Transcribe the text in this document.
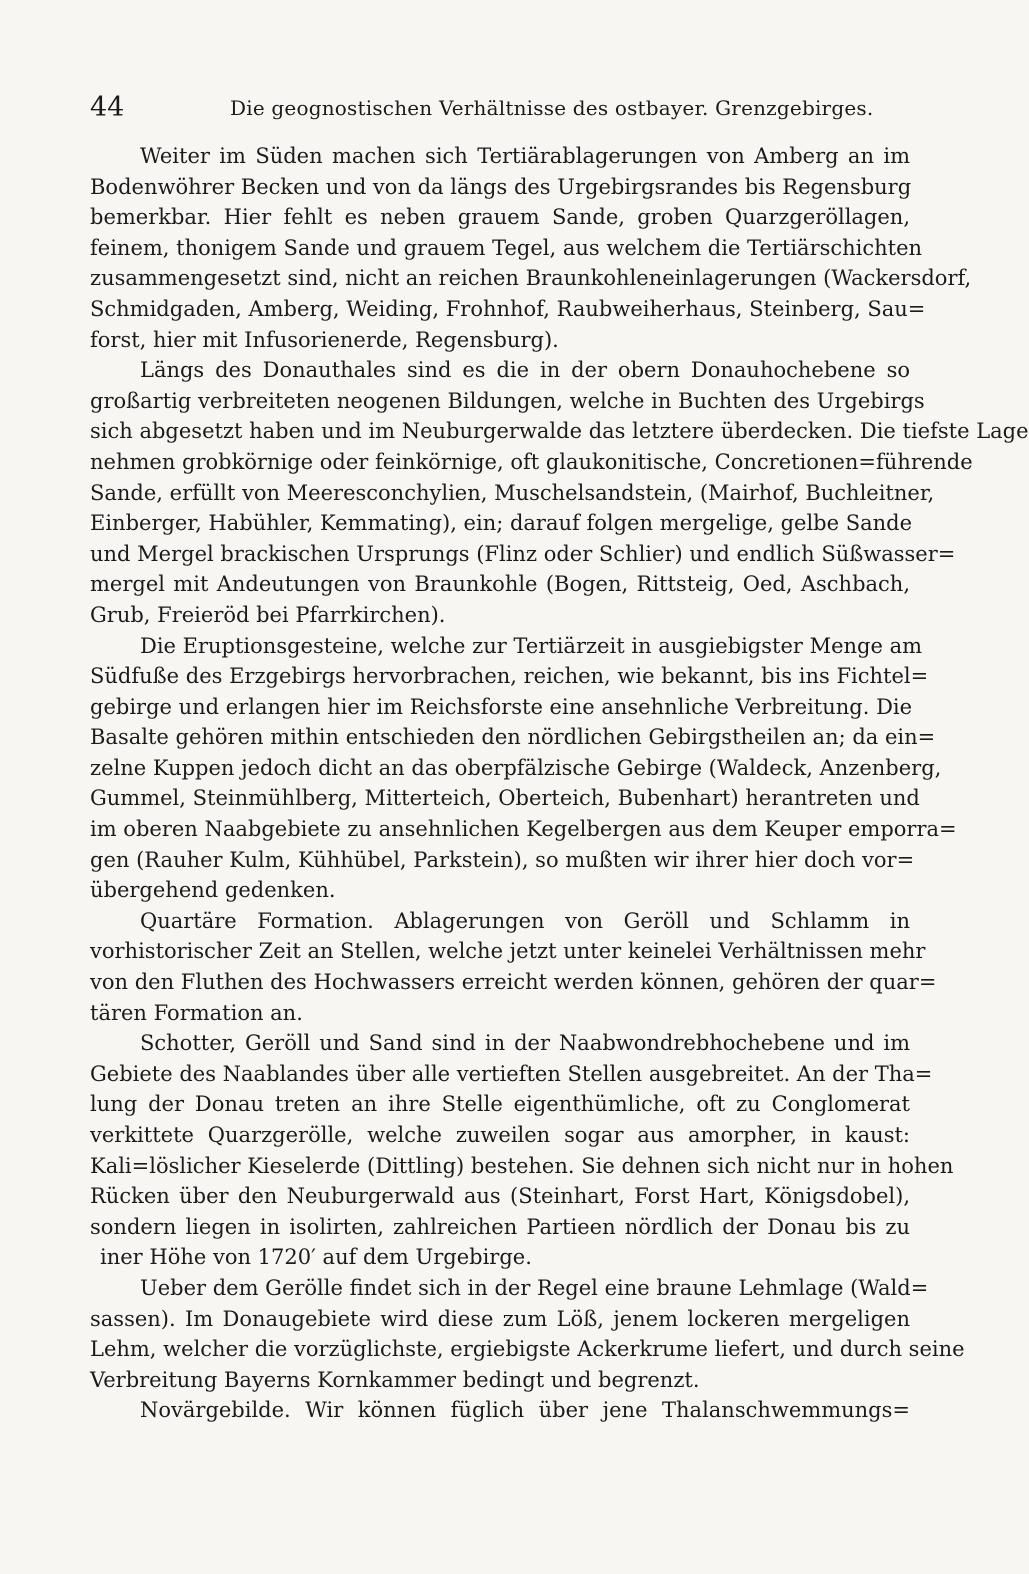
44	Die geognostischen Verhältnisse des ostbayer. Grenzgebirges.
Weiter im Süden machen sich Tertiärablagerungen von Amberg an im
Bodenwöhrer Becken und von da längs des Urgebirgsrandes bis Regensburg
bemerkbar. Hier fehlt es neben grauem Sande, groben Quarzgeröllagen,
feinem, thonigem Sande und grauem Tegel, aus welchem die Tertiärschichten
zusammengesetzt sind, nicht an reichen Braunkohleneinlagerungen (Wackersdorf,
Schmidgaden, Amberg, Weiding, Frohnhof, Raubweiherhaus, Steinberg, Sau=
forst, hier mit Infusorienerde, Regensburg).
Längs des Donauthales sind es die in der obern Donauhochebene so
großartig verbreiteten neogenen Bildungen, welche in Buchten des Urgebirgs
sich abgesetzt haben und im Neuburgerwalde das letztere überdecken. Die tiefste Lage
nehmen grobkörnige oder feinkörnige, oft glaukonitische, Concretionen=führende
Sande, erfüllt von Meeresconchylien, Muschelsandstein, (Mairhof, Buchleitner,
Einberger, Habühler, Kemmating), ein; darauf folgen mergelige, gelbe Sande
und Mergel brackischen Ursprungs (Flinz oder Schlier) und endlich Süßwasser=
mergel mit Andeutungen von Braunkohle (Bogen, Rittsteig, Oed, Aschbach,
Grub, Freieröd bei Pfarrkirchen).
Die Eruptionsgesteine, welche zur Tertiärzeit in ausgiebigster Menge am
Südfuße des Erzgebirgs hervorbrachen, reichen, wie bekannt, bis ins Fichtel=
gebirge und erlangen hier im Reichsforste eine ansehnliche Verbreitung. Die
Basalte gehören mithin entschieden den nördlichen Gebirgstheilen an; da ein=
zelne Kuppen jedoch dicht an das oberpfälzische Gebirge (Waldeck, Anzenberg,
Gummel, Steinmühlberg, Mitterteich, Oberteich, Bubenhart) herantreten und
im oberen Naabgebiete zu ansehnlichen Kegelbergen aus dem Keuper emporra=
gen (Rauher Kulm, Kühhübel, Parkstein), so mußten wir ihrer hier doch vor=
übergehend gedenken.
Quartäre Formation. Ablagerungen von Geröll und Schlamm in
vorhistorischer Zeit an Stellen, welche jetzt unter keinelei Verhältnissen mehr
von den Fluthen des Hochwassers erreicht werden können, gehören der quar=
tären Formation an.
Schotter, Geröll und Sand sind in der Naabwondrebhochebene und im
Gebiete des Naablandes über alle vertieften Stellen ausgebreitet. An der Tha=
lung der Donau treten an ihre Stelle eigenthümliche, oft zu Conglomerat
verkittete Quarzgerölle, welche zuweilen sogar aus amorpher, in kaust:
Kali=löslicher Kieselerde (Dittling) bestehen. Sie dehnen sich nicht nur in hohen
Rücken über den Neuburgerwald aus (Steinhart, Forst Hart, Königsdobel),
sondern liegen in isolirten, zahlreichen Partieen nördlich der Donau bis zu
iner Höhe von 1720′ auf dem Urgebirge.
Ueber dem Gerölle findet sich in der Regel eine braune Lehmlage (Wald=
sassen). Im Donaugebiete wird diese zum Löß, jenem lockeren mergeligen
Lehm, welcher die vorzüglichste, ergiebigste Ackerkrume liefert, und durch seine
Verbreitung Bayerns Kornkammer bedingt und begrenzt.
Novärgebilde. Wir können füglich über jene Thalanschwemmungs=
